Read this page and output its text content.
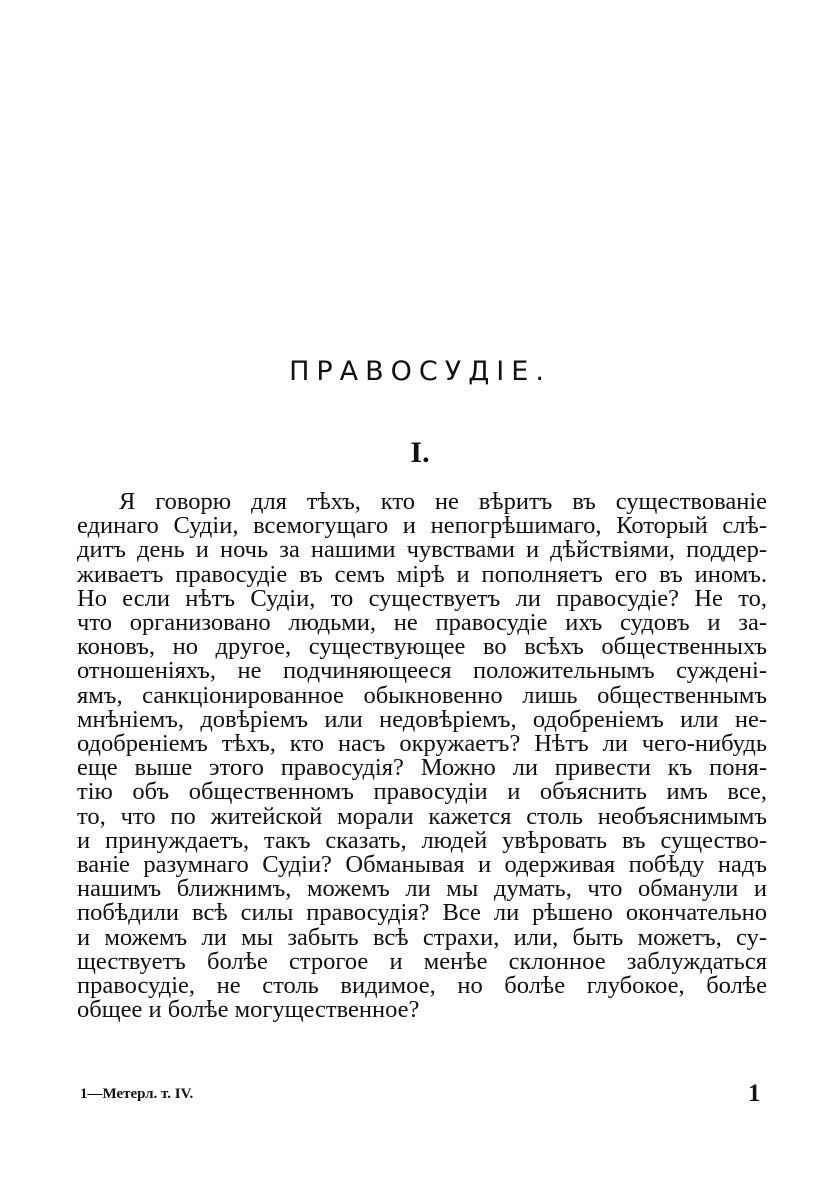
ПРАВОСУДІЕ.
I.
Я говорю для тѣхъ, кто не вѣритъ въ существованіе
единаго Судіи, всемогущаго и непогрѣшимаго, Который слѣ-
дитъ день и ночь за нашими чувствами и дѣйствіями, поддер-
живаетъ правосудіе въ семъ мірѣ и пополняетъ его въ иномъ.
Но если нѣтъ Судіи, то существуетъ ли правосудіе? Не то,
что организовано людьми, не правосудіе ихъ судовъ и за-
коновъ, но другое, существующее во всѣхъ общественныхъ
отношеніяхъ, не подчиняющееся положительнымъ сужденi-
ямъ, санкціонированное обыкновенно лишь общественнымъ
мнѣніемъ, довѣріемъ или недовѣріемъ, одобреніемъ или не-
одобреніемъ тѣхъ, кто насъ окружаетъ? Нѣтъ ли чего-нибудь
еще выше этого правосудія? Можно ли привести къ поня-
тію объ общественномъ правосудіи и объяснить имъ все,
то, что по житейской морали кажется столь необъяснимымъ
и принуждаетъ, такъ сказать, людей увѣровать въ существо-
ваніе разумнаго Судіи? Обманывая и одерживая побѣду надъ
нашимъ ближнимъ, можемъ ли мы думать, что обманули и
побѣдили всѣ силы правосудія? Все ли рѣшено окончательно
и можемъ ли мы забыть всѣ страхи, или, быть можетъ, су-
ществуетъ болѣе строгое и менѣе склонное заблуждаться
правосудіе, не столь видимое, но болѣе глубокое, болѣе
общее и болѣе могущественное?
1—Метерл. т. IV.	1
